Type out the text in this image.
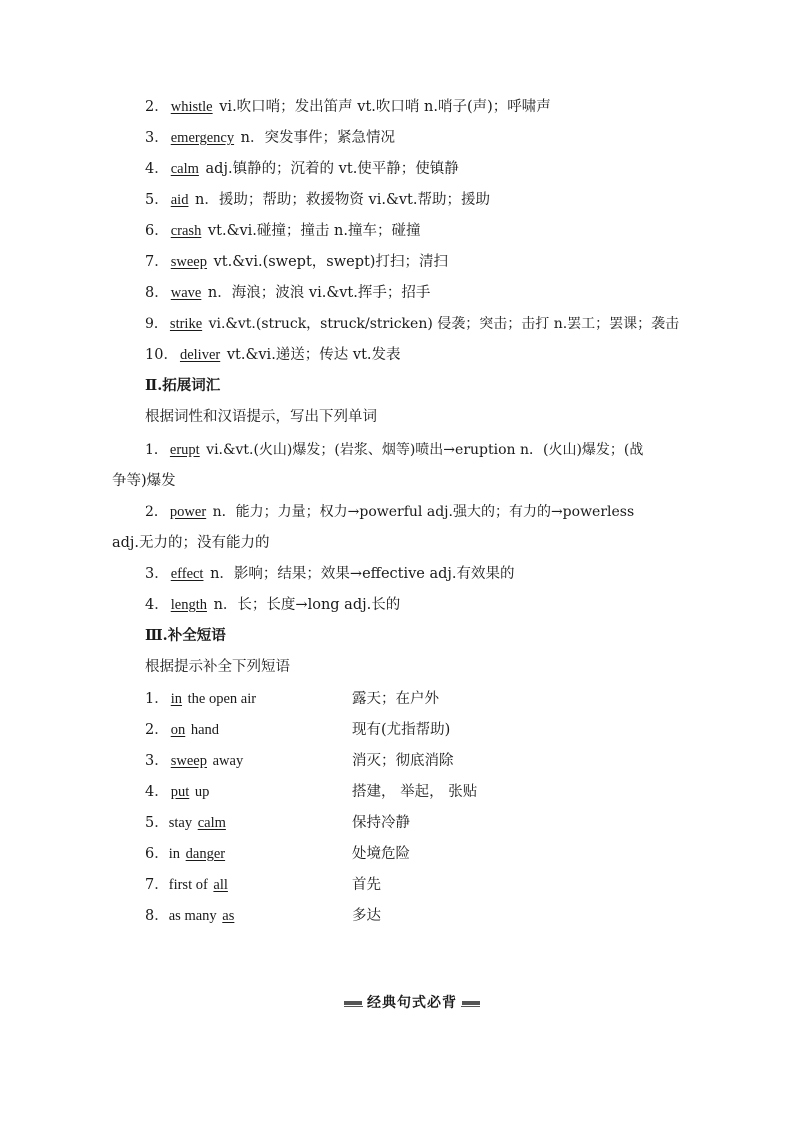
2． whistle vi.吹口哨；发出笛声 vt.吹口哨 n.哨子(声)；呼啸声
3． emergency n．突发事件；紧急情况
4． calm adj.镇静的；沉着的 vt.使平静；使镇静
5． aid n．援助；帮助；救援物资 vi.&vt.帮助；援助
6． crash vt.&vi.碰撞；撞击 n.撞车；碰撞
7． sweep vt.&vi.(swept，swept)打扫；清扫
8． wave n．海浪；波浪 vi.&vt.挥手；招手
9． strike vi.&vt.(struck，struck/stricken) 侵袭；突击；击打 n.罢工；罢课；袭击
10． deliver vt.&vi.递送；传达 vt.发表
Ⅱ.拓展词汇
根据词性和汉语提示，写出下列单词
1． erupt vi.&vt.(火山)爆发；(岩浆、烟等)喷出→eruption n．(火山)爆发；(战
争等)爆发
2． power n．能力；力量；权力→powerful adj.强大的；有力的→powerless
adj.无力的；没有能力的
3． effect n．影响；结果；效果→effective adj.有效果的
4． length n．长；长度→long adj.长的
Ⅲ.补全短语
根据提示补全下列短语
1． in the open air	露天；在户外
2． on hand	现有(尤指帮助)
3． sweep away	消灭；彻底消除
4． put up	搭建， 举起， 张贴
5．stay calm	保持冷静
6．in danger	处境危险
7．first of all	首先
8．as many as	多达
经典句式必背
